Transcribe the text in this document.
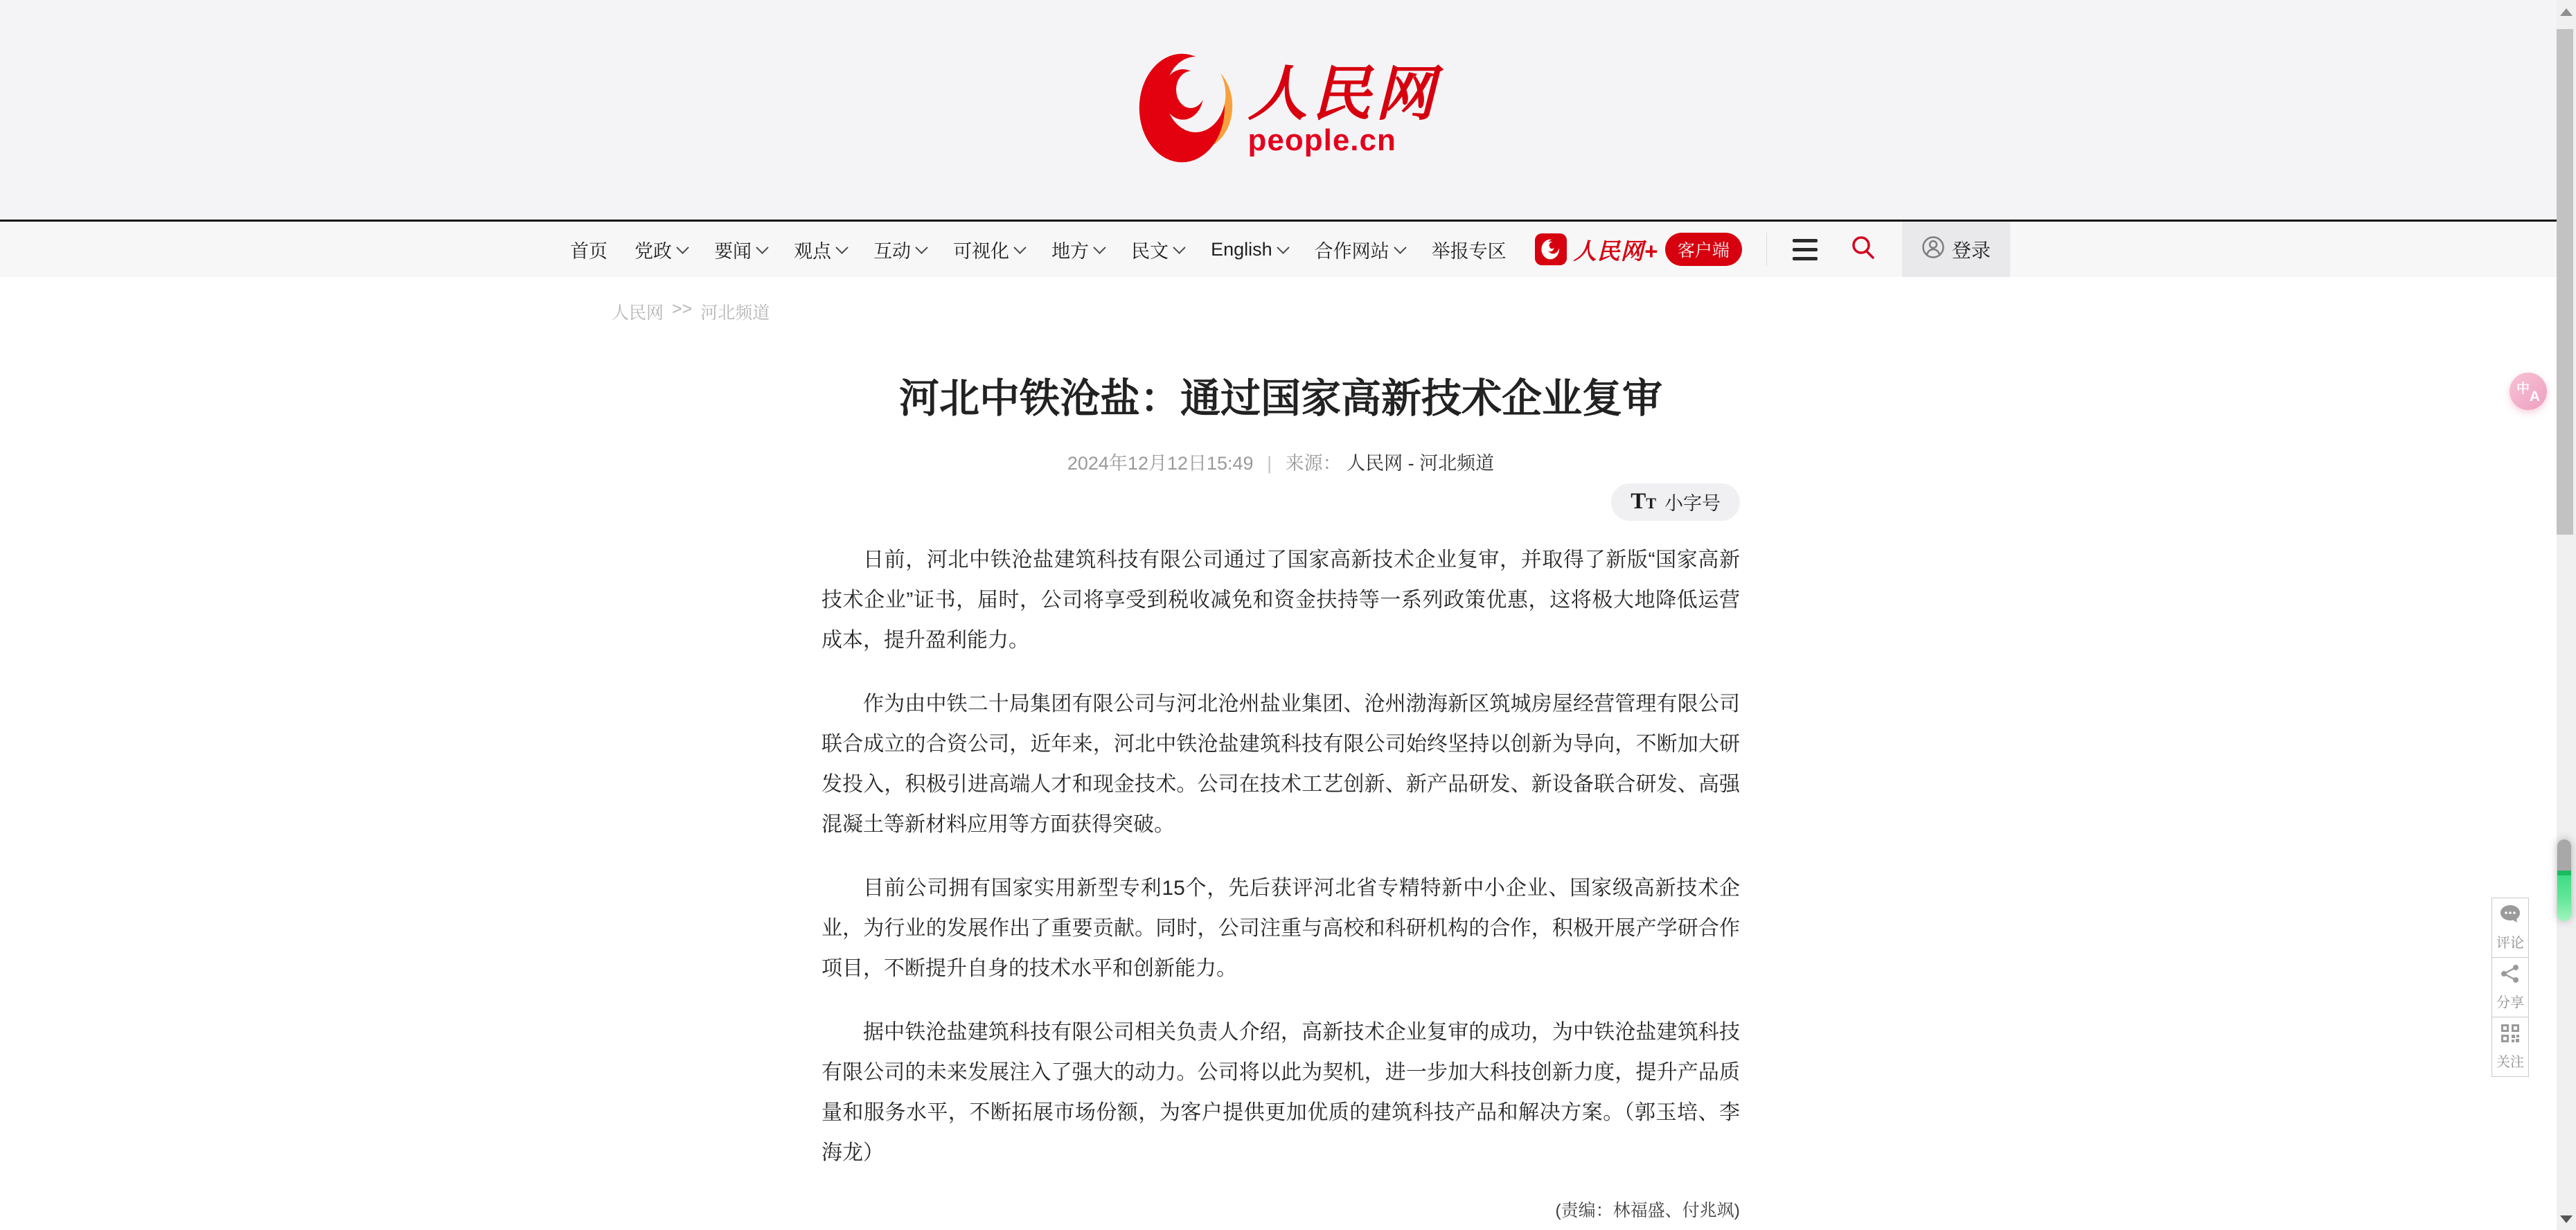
人民网
people.cn
首页 党政 要闻 观点 互动 可视化 地方 民文 English 合作网站 举报专区	人民网+	客户端	登录
人民网 >> 河北频道
河北中铁沧盐：通过国家高新技术企业复审
2024年12月12日15:49 | 来源： 人民网 - 河北频道
TT 小字号

日前，河北中铁沧盐建筑科技有限公司通过了国家高新技术企业复审，并取得了新版“国家高新技术企业”证书，届时，公司将享受到税收减免和资金扶持等一系列政策优惠，这将极大地降低运营成本，提升盈利能力。

作为由中铁二十局集团有限公司与河北沧州盐业集团、沧州渤海新区筑城房屋经营管理有限公司联合成立的合资公司，近年来，河北中铁沧盐建筑科技有限公司始终坚持以创新为导向，不断加大研发投入，积极引进高端人才和现金技术。公司在技术工艺创新、新产品研发、新设备联合研发、高强混凝土等新材料应用等方面获得突破。

目前公司拥有国家实用新型专利15个，先后获评河北省专精特新中小企业、国家级高新技术企业，为行业的发展作出了重要贡献。同时，公司注重与高校和科研机构的合作，积极开展产学研合作项目，不断提升自身的技术水平和创新能力。

据中铁沧盐建筑科技有限公司相关负责人介绍，高新技术企业复审的成功，为中铁沧盐建筑科技有限公司的未来发展注入了强大的动力。公司将以此为契机，进一步加大科技创新力度，提升产品质量和服务水平，不断拓展市场份额，为客户提供更加优质的建筑科技产品和解决方案。（郭玉培、李海龙）

(责编：林福盛、付兆飒)
中 A
评论
分享
关注
